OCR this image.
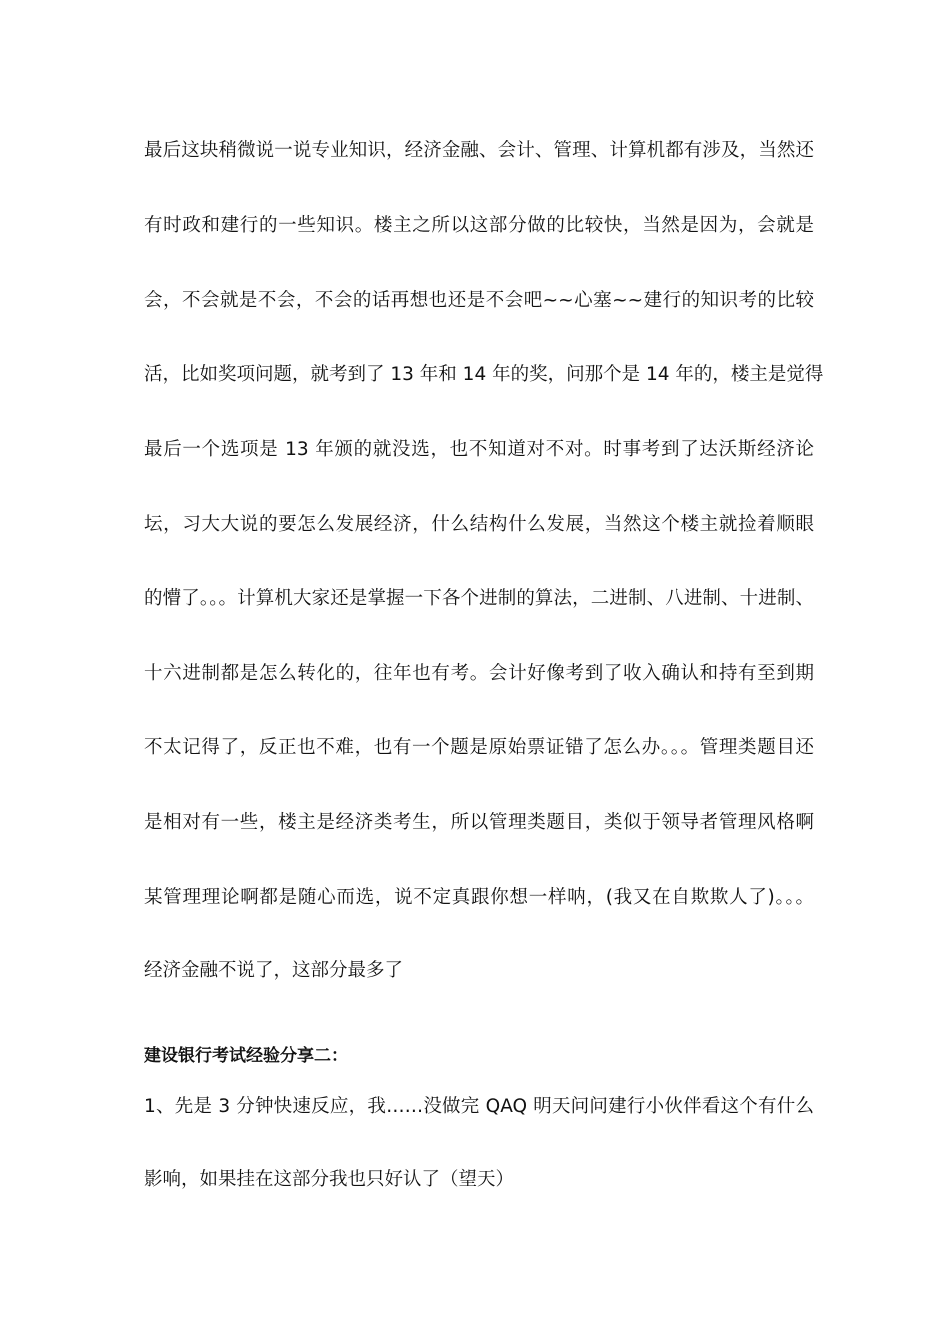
最后这块稍微说一说专业知识，经济金融、会计、管理、计算机都有涉及，当然还
有时政和建行的一些知识。楼主之所以这部分做的比较快，当然是因为，会就是
会，不会就是不会，不会的话再想也还是不会吧~~心塞~~建行的知识考的比较
活，比如奖项问题，就考到了 13 年和 14 年的奖，问那个是 14 年的，楼主是觉得
最后一个选项是 13 年颁的就没选，也不知道对不对。时事考到了达沃斯经济论
坛，习大大说的要怎么发展经济，什么结构什么发展，当然这个楼主就捡着顺眼
的懵了。。。计算机大家还是掌握一下各个进制的算法，二进制、八进制、十进制、
十六进制都是怎么转化的，往年也有考。会计好像考到了收入确认和持有至到期
不太记得了，反正也不难，也有一个题是原始票证错了怎么办。。。管理类题目还
是相对有一些，楼主是经济类考生，所以管理类题目，类似于领导者管理风格啊
某管理理论啊都是随心而选，说不定真跟你想一样呐，(我又在自欺欺人了)。。。
经济金融不说了，这部分最多了
建设银行考试经验分享二：
1、先是 3 分钟快速反应，我……没做完 QAQ 明天问问建行小伙伴看这个有什么
影响，如果挂在这部分我也只好认了（望天）
